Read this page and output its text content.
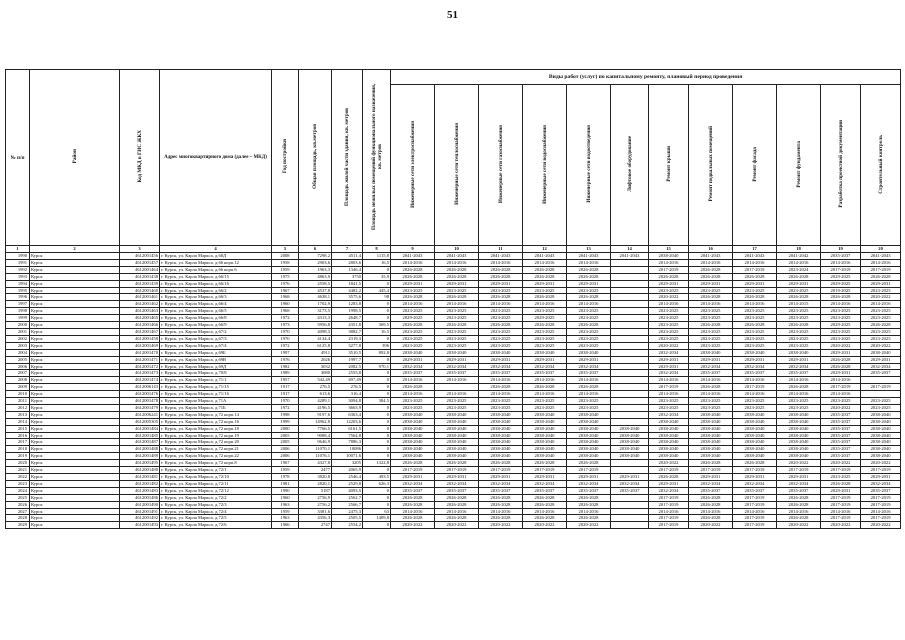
51
№ п/п	Район	Код МКД в ГИС ЖКХ	Адрес многоквартирного дома (далее – МКД)	Год постройки	Общая площадь, кв.метров	Площадь жилой части здания, кв. метров	Площадь нежилых помещений функционального назначения, кв. метров	Виды работ (услуг) по капитальному ремонту, плановый период проведения											
								Инженерные сети электроснабжения	Инженерные сети теплоснабжения	Инженерные сети газоснабжения	Инженерные сети водоснабжения	Инженерные сети водоотведения	Лифтовое оборудование	Ремонт крыши	Ремонт подвальных помещений	Ремонт фасада	Ремонт фундамента	Разработка проектной документации	Строительный контроль
1	2	3	4	5	6	7	8	9	10	11	12	13	14	15	16	17	18	19	20
1990	Курск	4612001456	г. Курск, ул. Карла Маркса, д.68Д	2008	7298,2	4511,4	1115,8	2041-2043	2041-2043	2041-2043	2041-2043	2041-2043	2041-2043	2038-2040	2041-2043	2041-2043	2041-2042	2035-2037	2041-2043
1991	Курск	4612001457	г. Курск, ул. Карла Маркса, д.66 корп.12	1958	2903,6	2803,6	16,5	2014-2016	2014-2016	2014-2016	2014-2016	2014-2016		2014-2016	2014-2016	2014-2016	2014-2016	2014-2016	2014-2016
1992	Курск	4612001464	г. Курск, ул. Карла Маркса, д.66 корп.6	1959	1963,3	1346,4	0	2026-2028	2026-2028	2026-2028	2026-2028	2026-2028		2017-2019	2026-2028	2017-2019	2023-2024	2017-2019	2017-2019
1993	Курск	4612001438	г. Курск, ул. Карла Маркса, д.66/15	1975	4863,9	3750	35,9	2026-2028	2026-2028	2026-2028	2026-2028	2026-2028		2026-2028	2026-2028	2026-2028	2026-2028	2029-2025	2026-2028
1994	Курск	4612001439	г. Курск, ул. Карла Маркса, д.66/16	1976	2558,5	1841,5	0	2029-2031	2029-2031	2029-2031	2029-2031	2029-2031		2029-2031	2029-2031	2029-2031	2029-2031	2029-2025	2029-2031
1995	Курск	4612001460	г. Курск, ул. Карла Маркса, д.66/2	1967	4537,8	4482,2	445,4	2023-2025	2023-2025	2023-2025	2023-2025	2023-2025		2023-2025	2023-2025	2023-2025	2023-2025	2019-2025	2023-2025
1996	Курск	4612001461	г. Курск, ул. Карла Маркса, д.66/3	1968	4638,1	3575,6	98	2026-2028	2026-2028	2026-2028	2026-2028	2026-2028		2020-2022	2026-2028	2026-2028	2026-2028	2026-2028	2020-2022
1997	Курск	4612001462	г. Курск, ул. Карла Маркса, д.66/4	1960	1702,9	1283,8	0	2014-2016	2014-2016	2014-2016	2014-2016	2014-2016		2014-2016	2014-2016	2014-2016	2014-2015	2014-2016	2014-2016
1998	Курск	4612001463	г. Курск, ул. Карла Маркса, д.66/5	1968	3173,5	1998,5	0	2023-2025	2023-2025	2023-2025	2023-2025	2023-2025		2023-2025	2023-2025	2023-2025	2023-2025	2023-2025	2023-2025
1999	Курск	4612001465	г. Курск, ул. Карла Маркса, д.66/8	1972	4313,3	2648,7	0	2029-2025	2023-2025	2023-2025	2029-2025	2023-2025		2023-2025	2023-2025	2023-2025	2023-2025	2023-2025	2023-2025
2000	Курск	4612001466	г. Курск, ул. Карла Маркса, д.66/9	1973	5956,8	4351,8	369,5	2026-2028	2026-2028	2026-2028	2026-2028	2026-2028		2023-2025	2026-2028	2026-2028	2026-2028	2029-2025	2026-2028
2001	Курск	4612001467	г. Курск, ул. Карла Маркса, д.67/2	1970	4098,3	3882,7	16,5	2023-2025	2023-2025	2023-2025	2023-2025	2023-2025		2023-2025	2023-2025	2023-2025	2023-2025	2023-2025	2023-2025
2002	Курск	4612001458	г. Курск, ул. Карла Маркса, д.67/3	1970	4134,4	2319,3	0	2023-2025	2023-2025	2023-2025	2023-2025	2023-2025		2023-2025	2023-2025	2023-2025	2023-2025	2023-2025	2023-2025
2003	Курск	4612001469	г. Курск, ул. Карла Маркса, д.67/4	1972	6125,8	3277,8	396	2023-2025	2023-2025	2023-2025	2023-2025	2023-2025		2020-2022	2023-2025	2023-2025	2023-2025	2020-2022	2020-2022
2004	Курск	4612001470	г. Курск, ул. Карла Маркса, д.69Б	1997	4911	3510,5	892,8	2038-2040	2038-2040	2038-2040	2038-2040	2038-2040		2032-2034	2038-2040	2038-2040	2038-2040	2029-2031	2038-2040
2005	Курск	4612001471	г. Курск, ул. Карла Маркса, д.69В	1976	2026	1997,7	0	2029-2031	2029-2031	2029-2031	2029-2031	2029-2031		2029-2031	2029-2031	2029-2031	2029-2031	2026-2028	2029-2031
2006	Курск	4612001472	г. Курск, ул. Карла Маркса, д.69Д	1982	3032	2082,5	970,1	2032-2034	2032-2034	2032-2034	2032-2034	2032-2034		2029-2031	2032-2034	2032-2034	2032-2034	2026-2028	2032-2034
2007	Курск	4612001473	г. Курск, ул. Карла Маркса, д.70/8	1989	3080	2555,8	0	2035-2037	2035-2037	2035-2037	2035-2037	2035-2037		2032-2034	2035-2037	2035-2037	2035-2037	2029-2031	2035-2037
2008	Курск	4612001474	г. Курск, ул. Карла Маркса, д.71/1	1957	542,49	497,49	0	2014-2016	2014-2016	2014-2016	2014-2016	2014-2016		2014-2016	2014-2016	2014-2016	2014-2016	2014-2016	
2009	Курск	4612006143	г. Курск, ул. Карла Маркса, д.71/15	1917	276,5	276,5	0	2026-2028		2026-2028	2026-2028	2026-2028		2017-2019	2026-2028	2017-2019	2026-2028	2017-2019	2017-2019
2010	Курск	4612001476	г. Курск, ул. Карла Маркса, д.71/16	1917	613,6	316,4	0	2014-2016	2014-2016	2014-2016	2014-2016	2014-2016		2014-2016	2014-2016	2014-2016	2014-2016	2014-2016	
2011	Курск	4612001478	г. Курск, ул. Карла Маркса, д.71А	1970	4289,1	3094,8	384,5	2023-2025	2023-2025	2023-2025	2023-2025	2023-2025		2023-2025	2023-2025	2023-2025	2023-2025	2023-2025	2023-2025
2012	Курск	4612001479	г. Курск, ул. Карла Маркса, д.71Б	1972	4196,5	3663,9	0	2023-2025	2023-2025	2023-2025	2023-2025	2023-2025		2023-2025	2023-2025	2023-2025	2023-2025	2020-2022	2023-2025
2013	Курск	4612006241	г. Курск, ул. Карла Маркса, д.72 корп.14	1998	9197,6	6363,4	0	2038-2040	2038-2040	2038-2040	2038-2040	2038-2040		2032-2034	2038-2040	2038-2040	2038-2040	2035-2037	2038-2040
2014	Курск	4612005305	г. Курск, ул. Карла Маркса, д.72 корп.16	1999	14962,8	12203,6	0	2038-2040	2038-2040	2038-2040	2038-2040	2038-2040		2038-2040	2038-2040	2038-2040	2038-2040	2035-2037	2038-2040
2015	Курск	4612001484	г. Курск, ул. Карла Маркса, д.72 корп.18	2000	7766,5	6161,5	0	2038-2040	2038-2040	2038-2040	2038-2040	2038-2040	2038-2040	2038-2040	2038-2040	2038-2040	2038-2040	2035-2037	2038-2040
2016	Курск	4612001485	г. Курск, ул. Карла Маркса, д.72 корп.19	2005	9088,4	7564,8	0	2038-2040	2038-2040	2038-2040	2038-2040	2038-2040	2038-2040	2038-2040	2038-2040	2038-2040	2038-2040	2035-2037	2038-2040
2017	Курск	4612001487	г. Курск, ул. Карла Маркса, д.72 корп.20	2005	9646,9	7886,3	0	2038-2040	2038-2040	2038-2040	2038-2040	2038-2040	2038-2040	2038-2040	2038-2040	2038-2040	2038-2040	2035-2037	2038-2040
2018	Курск	4612001488	г. Курск, ул. Карла Маркса, д.72 корп.21	2006	11070,1	10086	0	2038-2040	2038-2040	2038-2040	2038-2040	2038-2040	2038-2040	2038-2040	2038-2040	2038-2040	2038-2040	2035-2037	2038-2040
2019	Курск	4612001489	г. Курск, ул. Карла Маркса, д.72 корп.22	2006	11076,1	10071,6	0	2038-2040	2038-2040	2038-2040	2038-2040	2038-2040	2038-2040	2038-2040	2038-2040	2038-2040	2038-2040	2035-2037	2038-2040
2020	Курск	4612001495	г. Курск, ул. Карла Маркса, д.72 корп.8	1967	4327,8	3205	1322,8	2026-2028	2026-2028	2026-2028	2026-2028	2026-2028		2020-2022	2026-2028	2026-2028	2020-2022	2020-2022	2020-2022
2021	Курск	4612001480	г. Курск, ул. Карла Маркса, д.72/1	1959	2477	2065,9	0	2017-2019	2017-2019	2017-2019	2017-2019	2017-2019		2017-2019	2017-2019	2017-2019	2017-2019	2017-2019	2017-2019
2022	Курск	4612001481	г. Курск, ул. Карла Маркса, д.72/10	1978	3820,8	2546,4	493,5	2029-2031	2029-2031	2029-2031	2029-2031	2029-2031	2029-2031	2026-2028	2029-2031	2029-2031	2029-2031	2023-2025	2029-2031
2023	Курск	4612001482	г. Курск, ул. Карла Маркса, д.72/11	1981	2820,1	2529,8	626,3	2032-2034	2032-2034	2032-2034	2032-2034	2032-2034	2032-2034	2029-2031	2032-2034	2032-2034	2032-2034	2026-2028	2032-2034
2024	Курск	4612001483	г. Курск, ул. Карла Маркса, д.72/12	1990	5187	4093,5	0	2035-2037	2035-2037	2035-2037	2035-2037	2035-2037	2035-2037	2032-2034	2035-2037	2035-2037	2035-2037	2029-2031	2035-2037
2025	Курск	4612001486	г. Курск, ул. Карла Маркса, д.72/2	1960	2756,9	2562,7	0	2026-2028	2026-2028	2026-2028	2026-2028	2026-2028		2017-2019	2026-2028	2017-2019	2026-2028	2017-2019	2017-2019
2026	Курск	4612001490	г. Курск, ул. Карла Маркса, д.72/3	1963	2756,2	2566,7	0	2026-2028	2026-2028	2026-2028	2026-2028	2026-2028		2017-2019	2026-2028	2017-2019	2026-2028	2017-2019	2017-2019
2027	Курск	4612001491	г. Курск, ул. Карла Маркса, д.72/4	1959	3381,6	2475,3	63	2014-2016	2014-2016	2014-2016	2014-2016	2014-2016		2014-2016	2014-2016	2014-2016	2014-2016	2014-2016	2014-2016
2028	Курск	4612001492	г. Курск, ул. Карла Маркса, д.72/5	1963	4356,3	2505,5	1409,8	2026-2028	2026-2028	2026-2028	2026-2028	2026-2028		2017-2019	2026-2028	2017-2019	2026-2028	2017-2019	2017-2019
2029	Курск	4612001493	г. Курск, ул. Карла Маркса, д.72/6	1966	2747	2554,2	0	2020-2022	2020-2022	2020-2022	2020-2022	2020-2022		2017-2019	2020-2022	2017-2019	2020-2022	2020-2022	2020-2022
